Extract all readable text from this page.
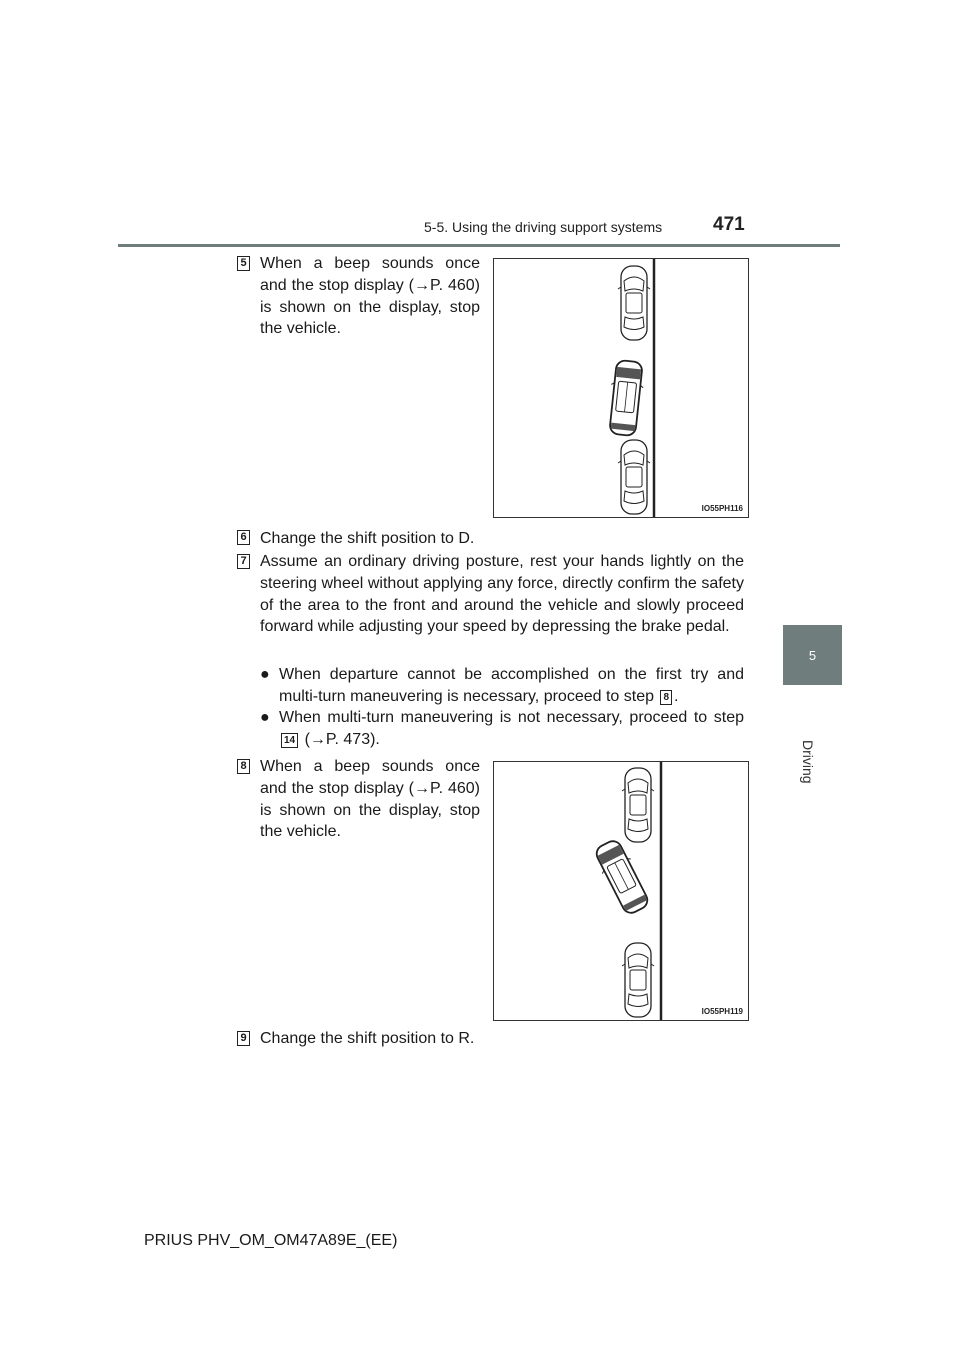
5-5. Using the driving support systems	471
5
Driving
5 When a beep sounds once and the stop display (→P. 460) is shown on the display, stop the vehicle.
IO55PH116
6 Change the shift position to D.
7 Assume an ordinary driving posture, rest your hands lightly on the steering wheel without applying any force, directly confirm the safety of the area to the front and around the vehicle and slowly proceed forward while adjusting your speed by depressing the brake pedal.
● When departure cannot be accomplished on the first try and multi-turn maneuvering is necessary, proceed to step 8 .
● When multi-turn maneuvering is not necessary, proceed to step 14 (→P. 473).
8 When a beep sounds once and the stop display (→P. 460) is shown on the display, stop the vehicle.
IO55PH119
9 Change the shift position to R.
PRIUS PHV_OM_OM47A89E_(EE)
